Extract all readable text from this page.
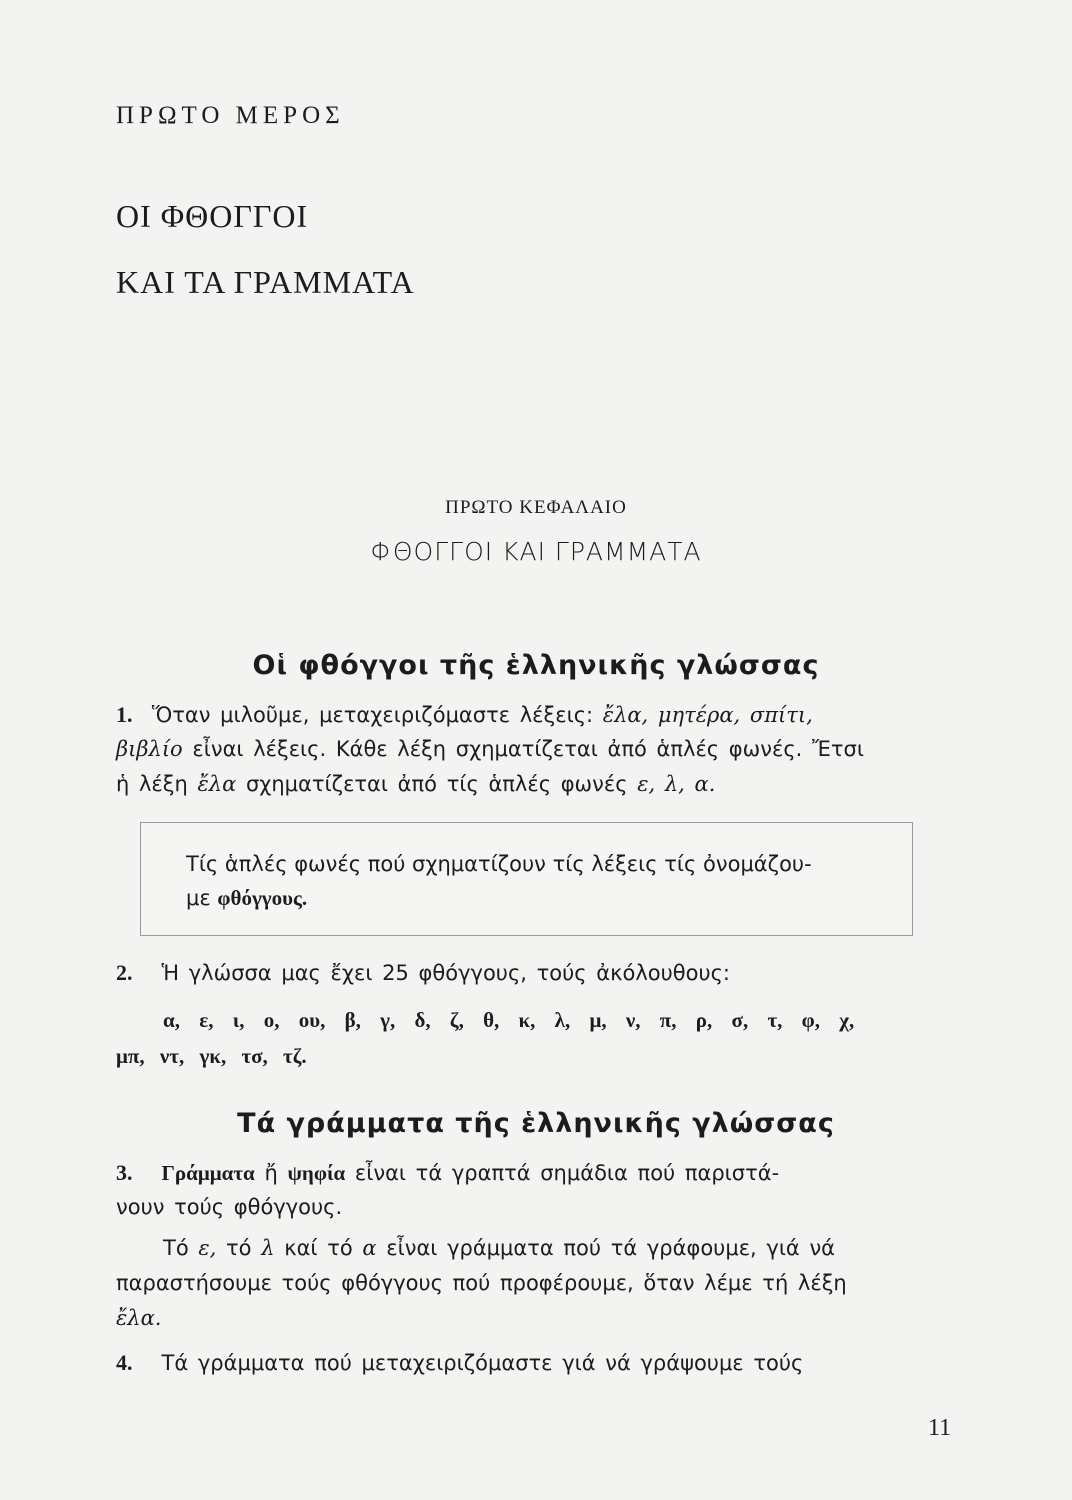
ΠΡΩΤΟ ΜΕΡΟΣ
ΟΙ ΦΘΟΓΓΟΙ
ΚΑΙ ΤΑ ΓΡΑΜΜΑΤΑ
ΠΡΩΤΟ ΚΕΦΑΛΑΙΟ
ΦΘΟΓΓΟΙ ΚΑΙ ΓΡΑΜΜΑΤΑ
Οἱ φθόγγοι τῆς ἑλληνικῆς γλώσσας
1. Ὅταν μιλοῦμε, μεταχειριζόμαστε λέξεις: ἔλα, μητέρα, σπίτι,
βιβλίο εἶναι λέξεις. Κάθε λέξη σχηματίζεται ἀπό ἁπλές φωνές. Ἔτσι
ἡ λέξη ἔλα σχηματίζεται ἀπό τίς ἁπλές φωνές ε, λ, α.
Τίς ἁπλές φωνές πού σχηματίζουν τίς λέξεις τίς ὀνομάζου-
με φθόγγους.
2. Ἡ γλώσσα μας ἔχει 25 φθόγγους, τούς ἀκόλουθους:
α, ε, ι, ο, ου, β, γ, δ, ζ, θ, κ, λ, μ, ν, π, ρ, σ, τ, φ, χ,
μπ, ντ, γκ, τσ, τζ.
Τά γράμματα τῆς ἑλληνικῆς γλώσσας
3. Γράμματα ἤ ψηφία εἶναι τά γραπτά σημάδια πού παριστά-
νουν τούς φθόγγους.
Τό ε, τό λ καί τό α εἶναι γράμματα πού τά γράφουμε, γιά νά
παραστήσουμε τούς φθόγγους πού προφέρουμε, ὅταν λέμε τή λέξη
ἔλα.
4. Τά γράμματα πού μεταχειριζόμαστε γιά νά γράψουμε τούς
11
